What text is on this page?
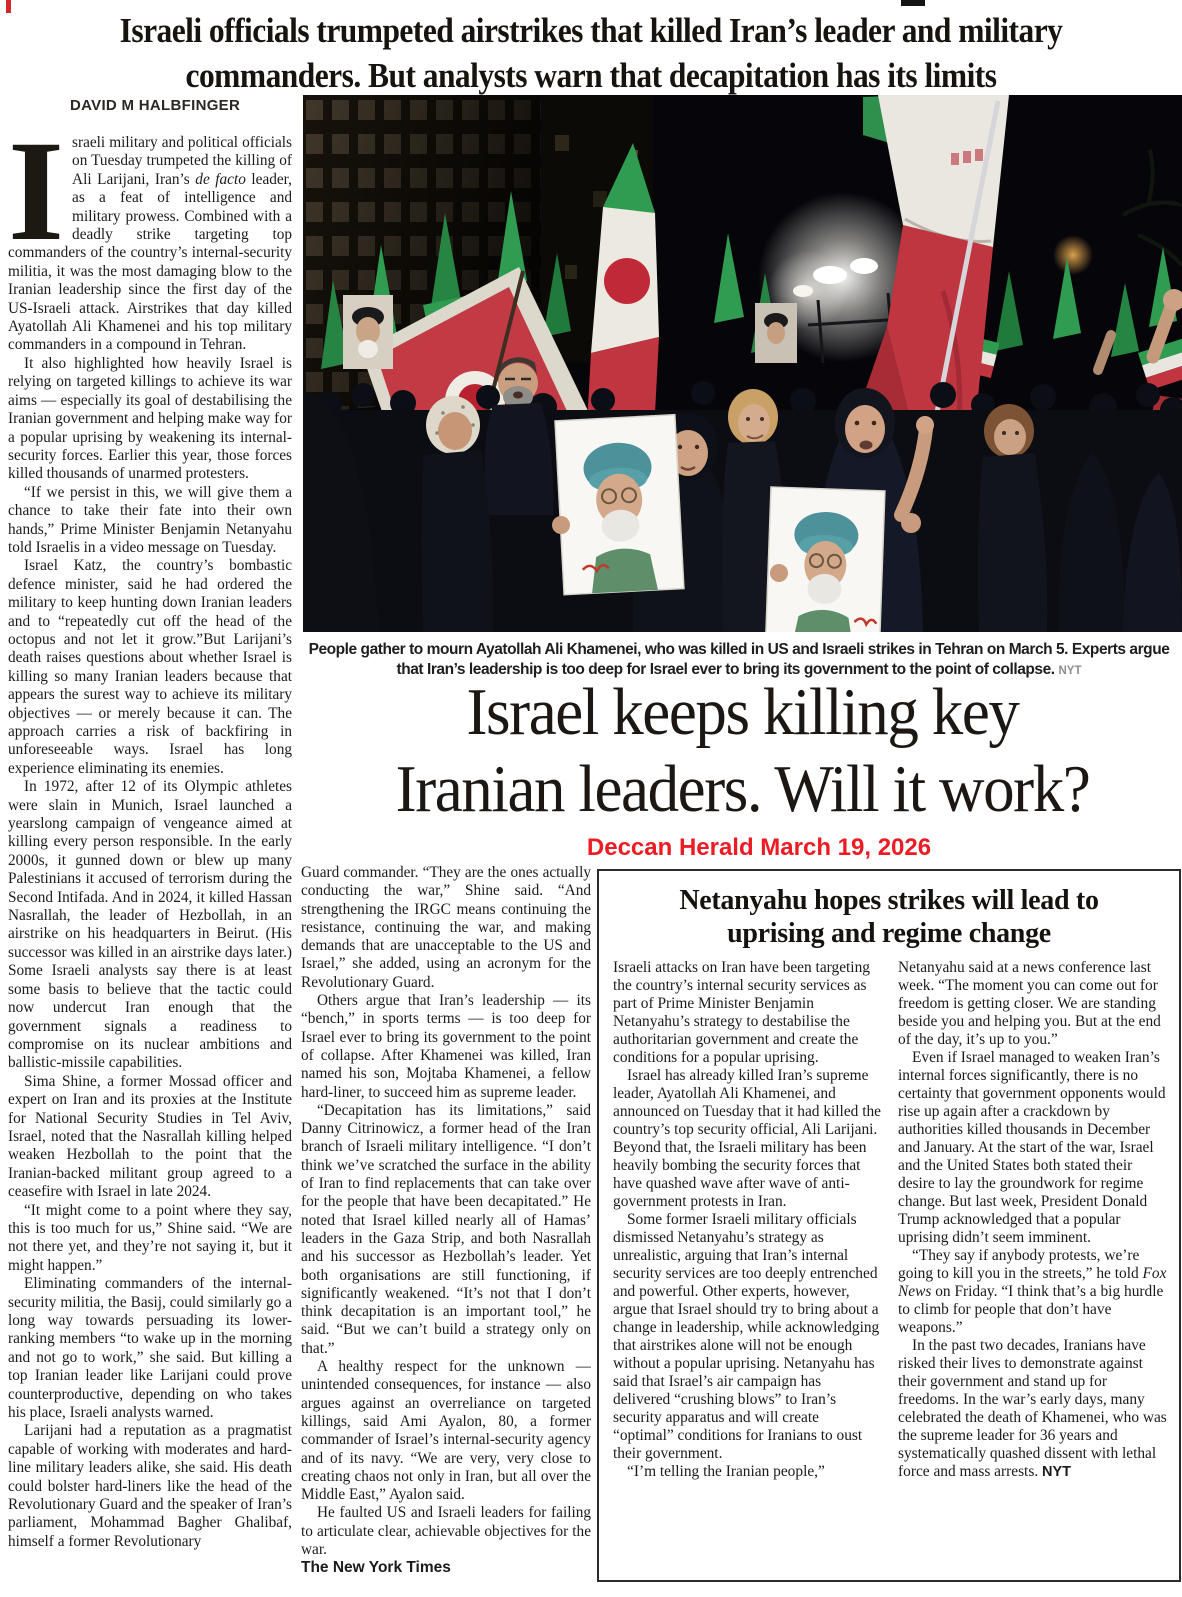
Israeli officials trumpeted airstrikes that killed Iran’s leader and military
commanders. But analysts warn that decapitation has its limits
DAVID M HALBFINGER

I sraeli military and political officials on Tuesday trumpeted the killing of Ali Larijani, Iran’s de facto leader, as a feat of intelligence and military prowess. Combined with a deadly strike targeting top commanders of the country’s internal-security militia, it was the most damaging blow to the Iranian leadership since the first day of the US-Israeli attack. Airstrikes that day killed Ayatollah Ali Khamenei and his top military commanders in a compound in Tehran.

It also highlighted how heavily Israel is relying on targeted killings to achieve its war aims — especially its goal of destabilising the Iranian government and helping make way for a popular uprising by weakening its internal-security forces. Earlier this year, those forces killed thousands of unarmed protesters.

“If we persist in this, we will give them a chance to take their fate into their own hands,” Prime Minister Benjamin Netanyahu told Israelis in a video message on Tuesday.

Israel Katz, the country’s bombastic defence minister, said he had ordered the military to keep hunting down Iranian leaders and to “repeatedly cut off the head of the octopus and not let it grow.”But Larijani’s death raises questions about whether Israel is killing so many Iranian leaders because that appears the surest way to achieve its military objectives — or merely because it can. The approach carries a risk of backfiring in unforeseeable ways. Israel has long experience eliminating its enemies.

In 1972, after 12 of its Olympic athletes were slain in Munich, Israel launched a yearslong campaign of vengeance aimed at killing every person responsible. In the early 2000s, it gunned down or blew up many Palestinians it accused of terrorism during the Second Intifada. And in 2024, it killed Hassan Nasrallah, the leader of Hezbollah, in an airstrike on his headquarters in Beirut. (His successor was killed in an airstrike days later.) Some Israeli analysts say there is at least some basis to believe that the tactic could now undercut Iran enough that the government signals a readiness to compromise on its nuclear ambitions and ballistic-missile capabilities.

Sima Shine, a former Mossad officer and expert on Iran and its proxies at the Institute for National Security Studies in Tel Aviv, Israel, noted that the Nasrallah killing helped weaken Hezbollah to the point that the Iranian-backed militant group agreed to a ceasefire with Israel in late 2024.

“It might come to a point where they say, this is too much for us,” Shine said. “We are not there yet, and they’re not saying it, but it might happen.”

Eliminating commanders of the internal-security militia, the Basij, could similarly go a long way towards persuading its lower-ranking members “to wake up in the morning and not go to work,” she said. But killing a top Iranian leader like Larijani could prove counterproductive, depending on who takes his place, Israeli analysts warned.

Larijani had a reputation as a pragmatist capable of working with moderates and hard-line military leaders alike, she said. His death could bolster hard-liners like the head of the Revolutionary Guard and the speaker of Iran’s parliament, Mohammad Bagher Ghalibaf, himself a former Revolutionary

People gather to mourn Ayatollah Ali Khamenei, who was killed in US and Israeli strikes in Tehran on March 5. Experts argue that Iran’s leadership is too deep for Israel ever to bring its government to the point of collapse. NYT
Israel keeps killing key
Iranian leaders. Will it work?
Deccan Herald March 19, 2026

Guard commander. “They are the ones actually conducting the war,” Shine said. “And strengthening the IRGC means continuing the resistance, continuing the war, and making demands that are unacceptable to the US and Israel,” she added, using an acronym for the Revolutionary Guard.

Others argue that Iran’s leadership — its “bench,” in sports terms — is too deep for Israel ever to bring its government to the point of collapse. After Khamenei was killed, Iran named his son, Mojtaba Khamenei, a fellow hard-liner, to succeed him as supreme leader.

“Decapitation has its limitations,” said Danny Citrinowicz, a former head of the Iran branch of Israeli military intelligence. “I don’t think we’ve scratched the surface in the ability of Iran to find replacements that can take over for the people that have been decapitated.” He noted that Israel killed nearly all of Hamas’ leaders in the Gaza Strip, and both Nasrallah and his successor as Hezbollah’s leader. Yet both organisations are still functioning, if significantly weakened. “It’s not that I don’t think decapitation is an important tool,” he said. “But we can’t build a strategy only on that.”

A healthy respect for the unknown — unintended consequences, for instance — also argues against an overreliance on targeted killings, said Ami Ayalon, 80, a former commander of Israel’s internal-security agency and of its navy. “We are very, very close to creating chaos not only in Iran, but all over the Middle East,” Ayalon said.

He faulted US and Israeli leaders for failing to articulate clear, achievable objectives for the war.

The New York Times

Netanyahu hopes strikes will lead to
uprising and regime change

Israeli attacks on Iran have been targeting the country’s internal security services as part of Prime Minister Benjamin Netanyahu’s strategy to destabilise the authoritarian government and create the conditions for a popular uprising.

Israel has already killed Iran’s supreme leader, Ayatollah Ali Khamenei, and announced on Tuesday that it had killed the country’s top security official, Ali Larijani. Beyond that, the Israeli military has been heavily bombing the security forces that have quashed wave after wave of anti-government protests in Iran.

Some former Israeli military officials dismissed Netanyahu’s strategy as unrealistic, arguing that Iran’s internal security services are too deeply entrenched and powerful. Other experts, however, argue that Israel should try to bring about a change in leadership, while acknowledging that airstrikes alone will not be enough without a popular uprising. Netanyahu has said that Israel’s air campaign has delivered “crushing blows” to Iran’s security apparatus and will create “optimal” conditions for Iranians to oust their government.

“I’m telling the Iranian people,”

Netanyahu said at a news conference last week. “The moment you can come out for freedom is getting closer. We are standing beside you and helping you. But at the end of the day, it’s up to you.”

Even if Israel managed to weaken Iran’s internal forces significantly, there is no certainty that government opponents would rise up again after a crackdown by authorities killed thousands in December and January. At the start of the war, Israel and the United States both stated their desire to lay the groundwork for regime change. But last week, President Donald Trump acknowledged that a popular uprising didn’t seem imminent.

“They say if anybody protests, we’re going to kill you in the streets,” he told Fox News on Friday. “I think that’s a big hurdle to climb for people that don’t have weapons.”

In the past two decades, Iranians have risked their lives to demonstrate against their government and stand up for freedoms. In the war’s early days, many celebrated the death of Khamenei, who was the supreme leader for 36 years and systematically quashed dissent with lethal force and mass arrests. NYT
